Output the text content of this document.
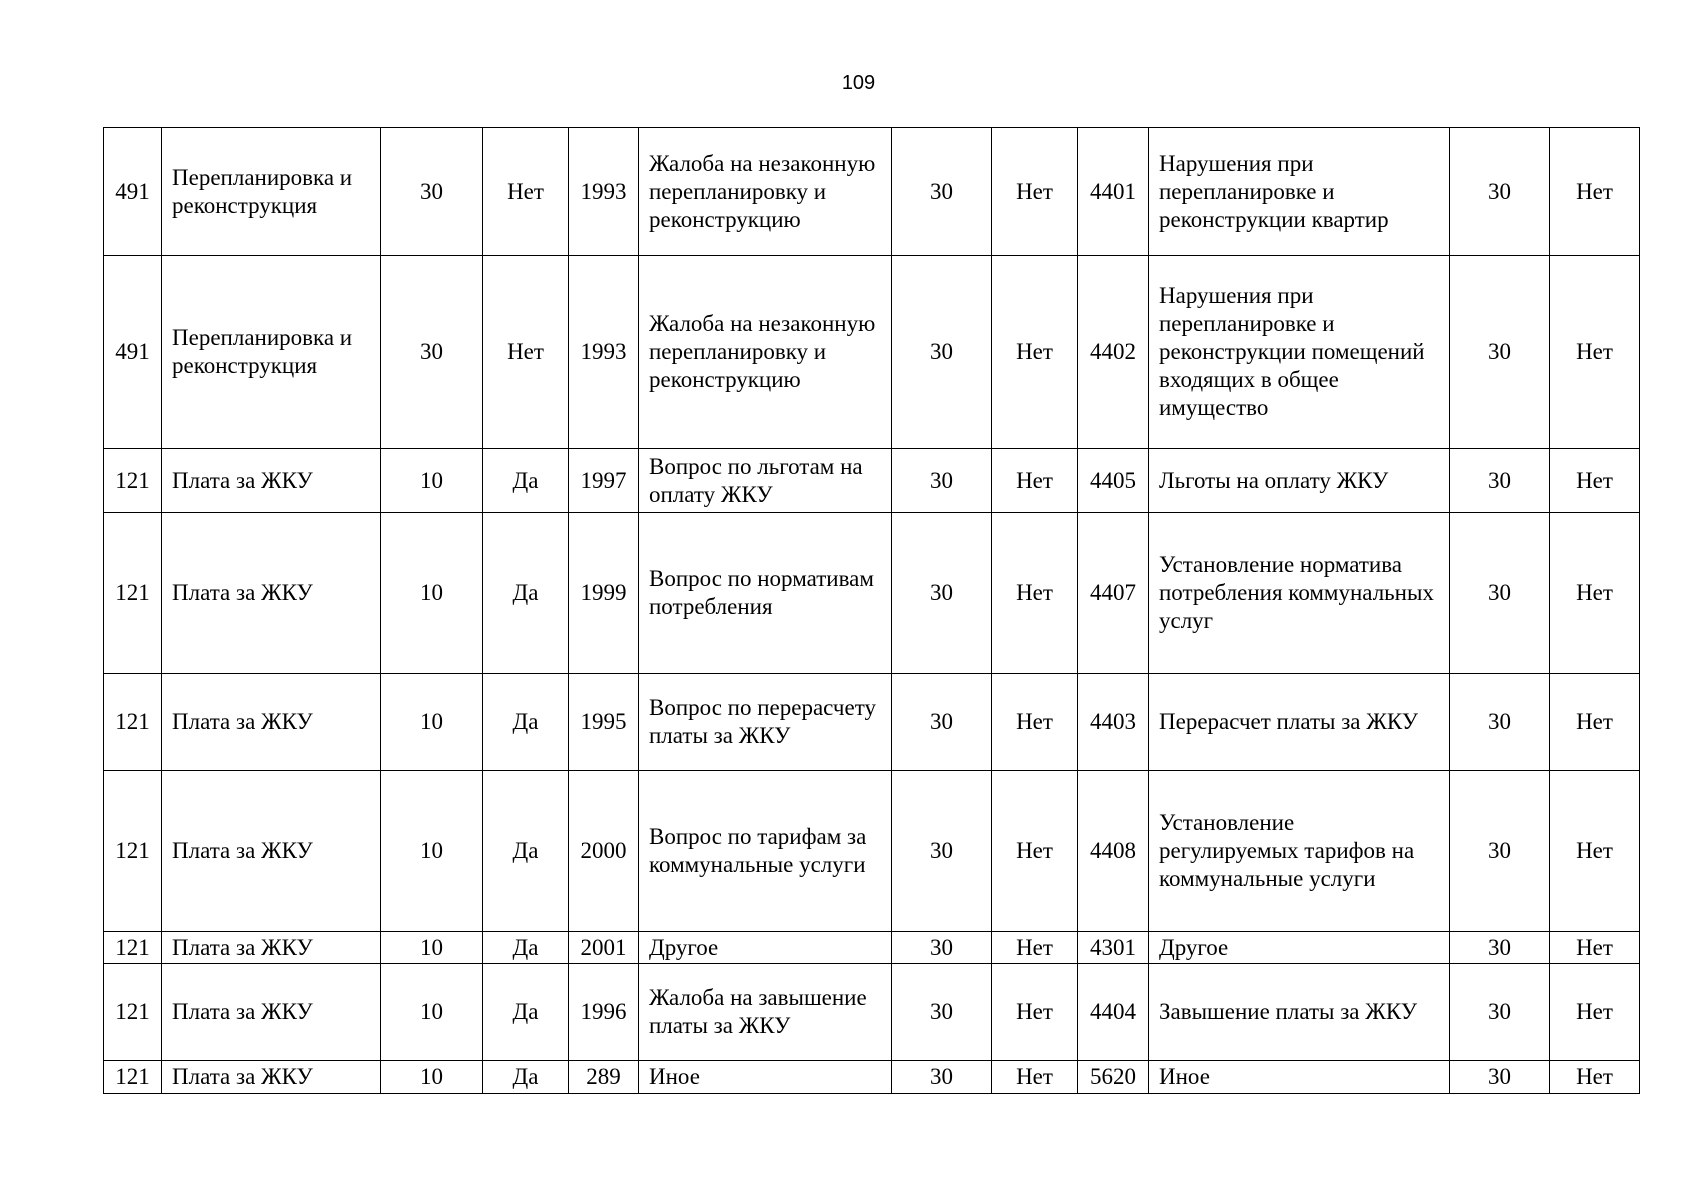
109
491	Перепланировка и реконструкция	30	Нет	1993	Жалоба на незаконную перепланировку и реконструкцию	30	Нет	4401	Нарушения при перепланировке и реконструкции квартир	30	Нет
491	Перепланировка и реконструкция	30	Нет	1993	Жалоба на незаконную перепланировку и реконструкцию	30	Нет	4402	Нарушения при перепланировке и реконструкции помещений входящих в общее имущество	30	Нет
121	Плата за ЖКУ	10	Да	1997	Вопрос по льготам на оплату ЖКУ	30	Нет	4405	Льготы на оплату ЖКУ	30	Нет
121	Плата за ЖКУ	10	Да	1999	Вопрос по нормативам потребления	30	Нет	4407	Установление норматива потребления коммунальных услуг	30	Нет
121	Плата за ЖКУ	10	Да	1995	Вопрос по перерасчету платы за ЖКУ	30	Нет	4403	Перерасчет платы за ЖКУ	30	Нет
121	Плата за ЖКУ	10	Да	2000	Вопрос по тарифам за коммунальные услуги	30	Нет	4408	Установление регулируемых тарифов на коммунальные услуги	30	Нет
121	Плата за ЖКУ	10	Да	2001	Другое	30	Нет	4301	Другое	30	Нет
121	Плата за ЖКУ	10	Да	1996	Жалоба на завышение платы за ЖКУ	30	Нет	4404	Завышение платы за ЖКУ	30	Нет
121	Плата за ЖКУ	10	Да	289	Иное	30	Нет	5620	Иное	30	Нет
